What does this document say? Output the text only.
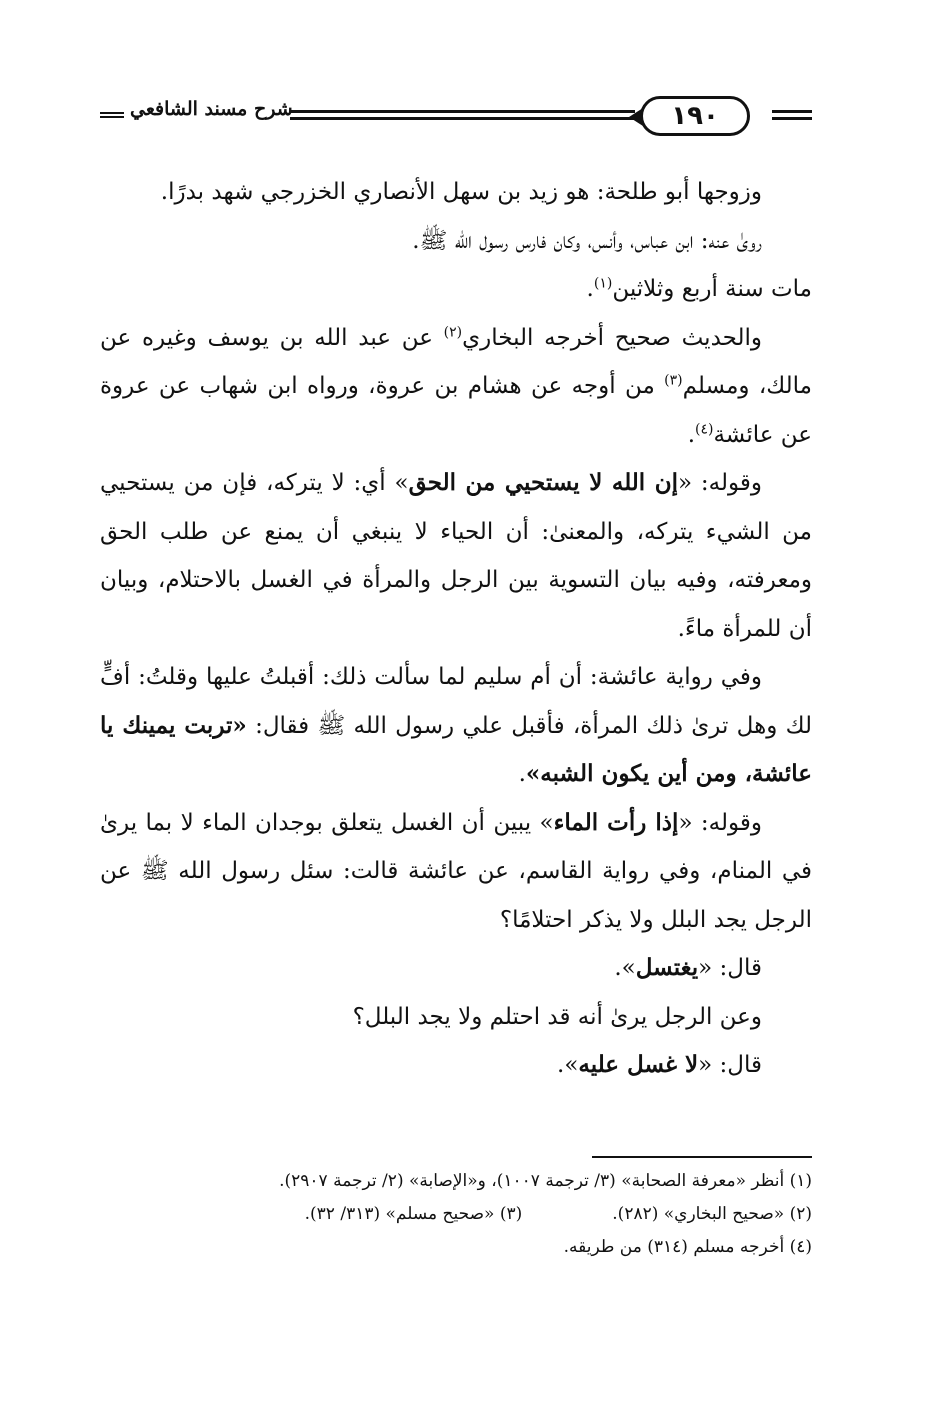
١٩٠
شرح مسند الشافعي

وزوجها أبو طلحة: هو زيد بن سهل الأنصاري الخزرجي شهد بدرًا.

روىٰ عنه: ابن عباس، وأنس، وكان فارس رسول الله ﷺ.

مات سنة أربع وثلاثين$^{(١)}$.

والحديث صحيح أخرجه البخاري$^{(٢)}$ عن عبد الله بن يوسف وغيره عن مالك، ومسلم$^{(٣)}$ من أوجه عن هشام بن عروة، ورواه ابن شهاب عن عروة عن عائشة$^{(٤)}$.

وقوله: «إن الله لا يستحيي من الحق» أي: لا يتركه، فإن من يستحيي من الشيء يتركه، والمعنىٰ: أن الحياء لا ينبغي أن يمنع عن طلب الحق ومعرفته، وفيه بيان التسوية بين الرجل والمرأة في الغسل بالاحتلام، وبيان أن للمرأة ماءً.

وفي رواية عائشة: أن أم سليم لما سألت ذلك: أقبلتُ عليها وقلتُ: أفٍّ لك وهل ترىٰ ذلك المرأة، فأقبل علي رسول الله ﷺ فقال: «تربت يمينك يا عائشة، ومن أين يكون الشبه».

وقوله: «إذا رأت الماء» يبين أن الغسل يتعلق بوجدان الماء لا بما يرىٰ في المنام، وفي رواية القاسم، عن عائشة قالت: سئل رسول الله ﷺ عن الرجل يجد البلل ولا يذكر احتلامًا؟

قال: «يغتسل».

وعن الرجل يرىٰ أنه قد احتلم ولا يجد البلل؟

قال: «لا غسل عليه».

(١) أنظر «معرفة الصحابة» (٣/ ترجمة ١٠٠٧)، و«الإصابة» (٢/ ترجمة ٢٩٠٧).

(٢) «صحيح البخاري» (٢٨٢).

(٣) «صحيح مسلم» (٣١٣/ ٣٢).

(٤) أخرجه مسلم (٣١٤) من طريقه.
